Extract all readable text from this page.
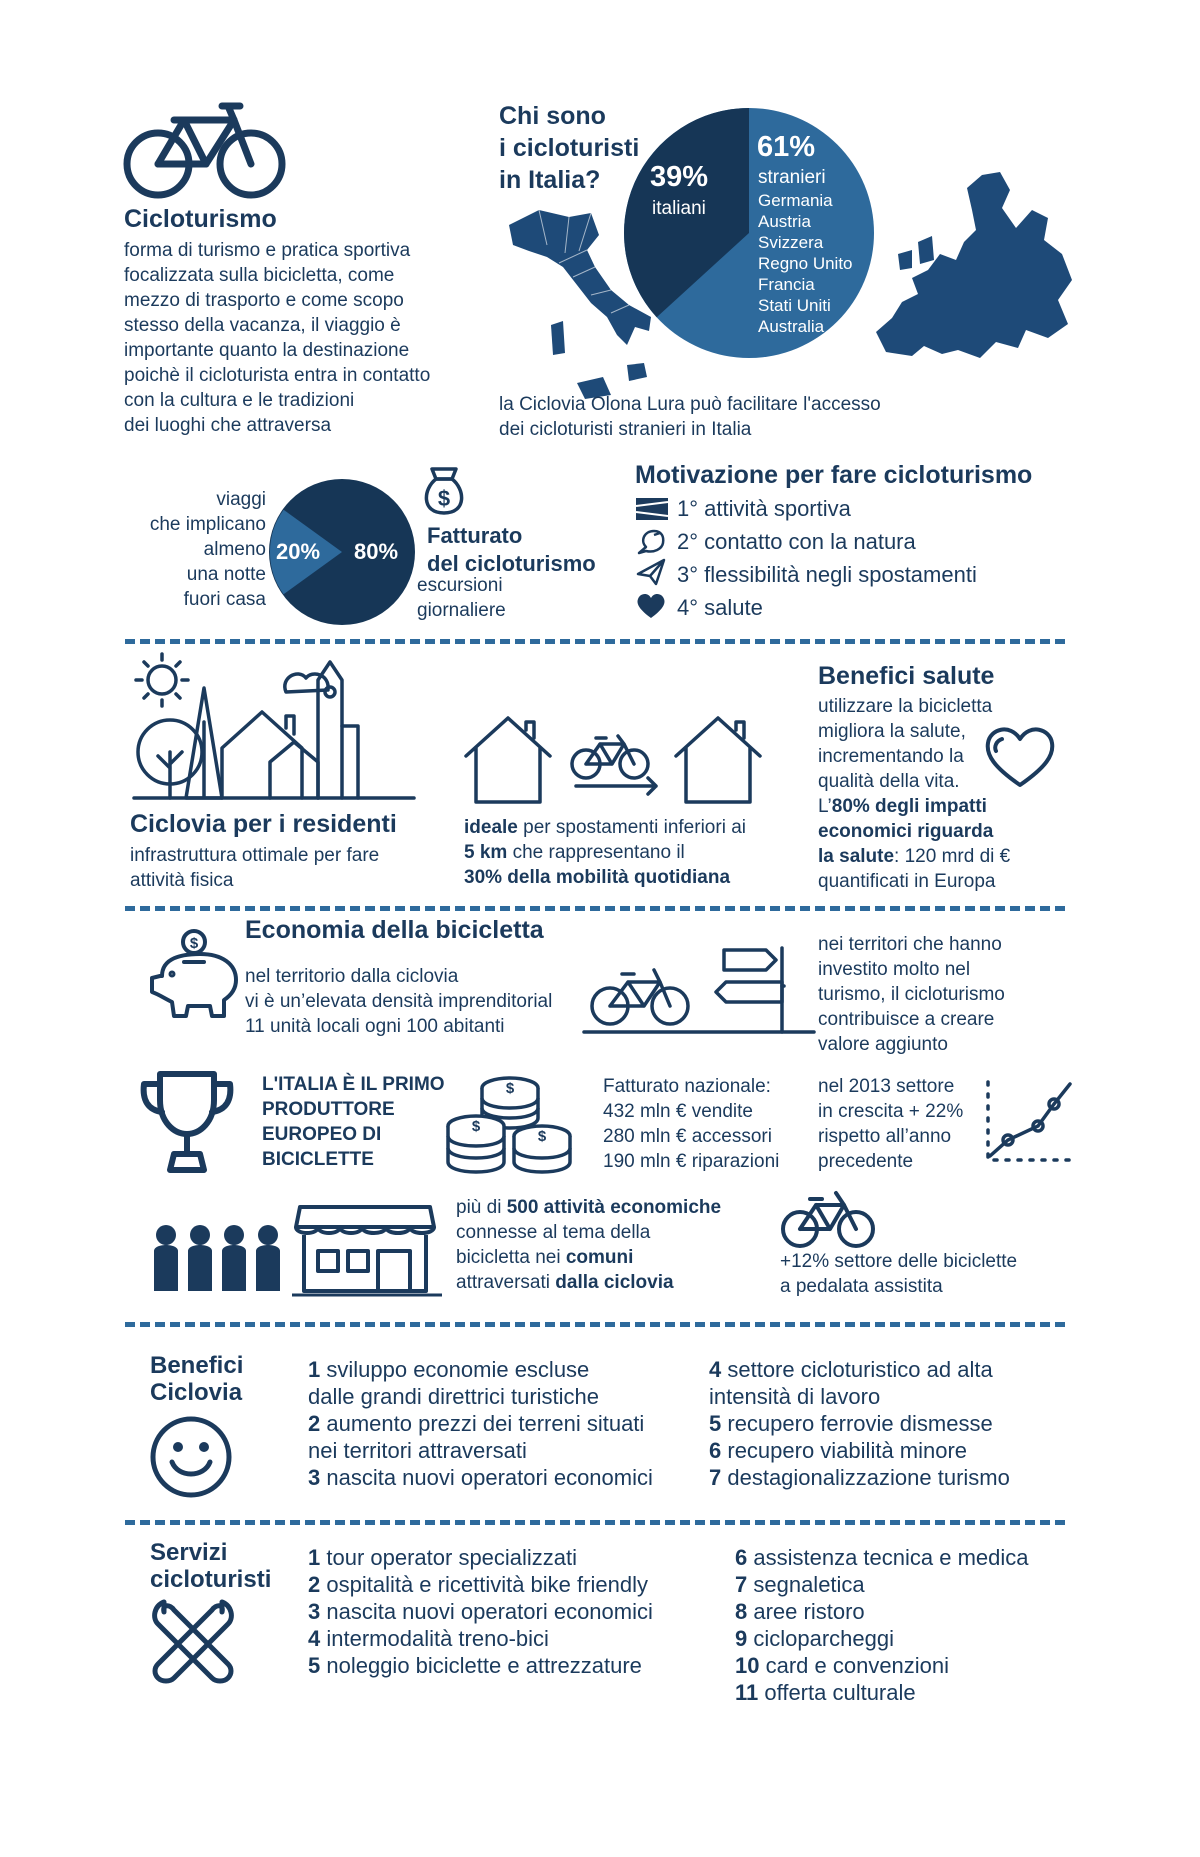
Cicloturismo
forma di turismo e pratica sportiva
focalizzata sulla bicicletta, come
mezzo di trasporto e come scopo
stesso della vacanza, il viaggio è
importante quanto la destinazione
poichè il cicloturista entra in contatto
con la cultura e le tradizioni
dei luoghi che attraversa
Chi sono
i cicloturisti
in Italia?	39%
italiani
61%
stranieri
Germania
Austria
Svizzera
Regno Unito
Francia
Stati Uniti
Australia
la Ciclovia Olona Lura può facilitare l'accesso
dei cicloturisti stranieri in Italia
viaggi
che implicano
almeno
una notte
fuori casa
20% 80%
$
Fatturato
del cicloturismo
escursioni
giornaliere
Motivazione per fare cicloturismo
1° attività sportiva
2° contatto con la natura
3° flessibilità negli spostamenti
4° salute
Ciclovia per i residenti
infrastruttura ottimale per fare
attività fisica
ideale per spostamenti inferiori ai
5 km che rappresentano il
30% della mobilità quotidiana
Benefici salute
utilizzare la bicicletta
migliora la salute,
incrementando la
qualità della vita.
L’80% degli impatti
economici riguarda
la salute: 120 mrd di €
quantificati in Europa
$ Economia della bicicletta
nel territorio dalla ciclovia
vi è un’elevata densità imprenditorial
11 unità locali ogni 100 abitanti
nei territori che hanno
investito molto nel
turismo, il cicloturismo
contribuisce a creare
valore aggiunto
L'ITALIA È IL PRIMO
PRODUTTORE
EUROPEO DI
BICICLETTE
$
$
$
Fatturato nazionale:
432 mln € vendite
280 mln € accessori
190 mln € riparazioni
nel 2013 settore
in crescita + 22%
rispetto all’anno
precedente
più di 500 attività economiche
connesse al tema della
bicicletta nei comuni
attraversati dalla ciclovia
+12% settore delle biciclette
a pedalata assistita
Benefici
Ciclovia
1 sviluppo economie escluse
dalle grandi direttrici turistiche
2 aumento prezzi dei terreni situati
nei territori attraversati
3 nascita nuovi operatori economici
4 settore cicloturistico ad alta
intensità di lavoro
5 recupero ferrovie dismesse
6 recupero viabilità minore
7 destagionalizzazione turismo
Servizi
cicloturisti
1 tour operator specializzati
2 ospitalità e ricettività bike friendly
3 nascita nuovi operatori economici
4 intermodalità treno-bici
5 noleggio biciclette e attrezzature
6 assistenza tecnica e medica
7 segnaletica
8 aree ristoro
9 cicloparcheggi
10 card e convenzioni
11 offerta culturale
